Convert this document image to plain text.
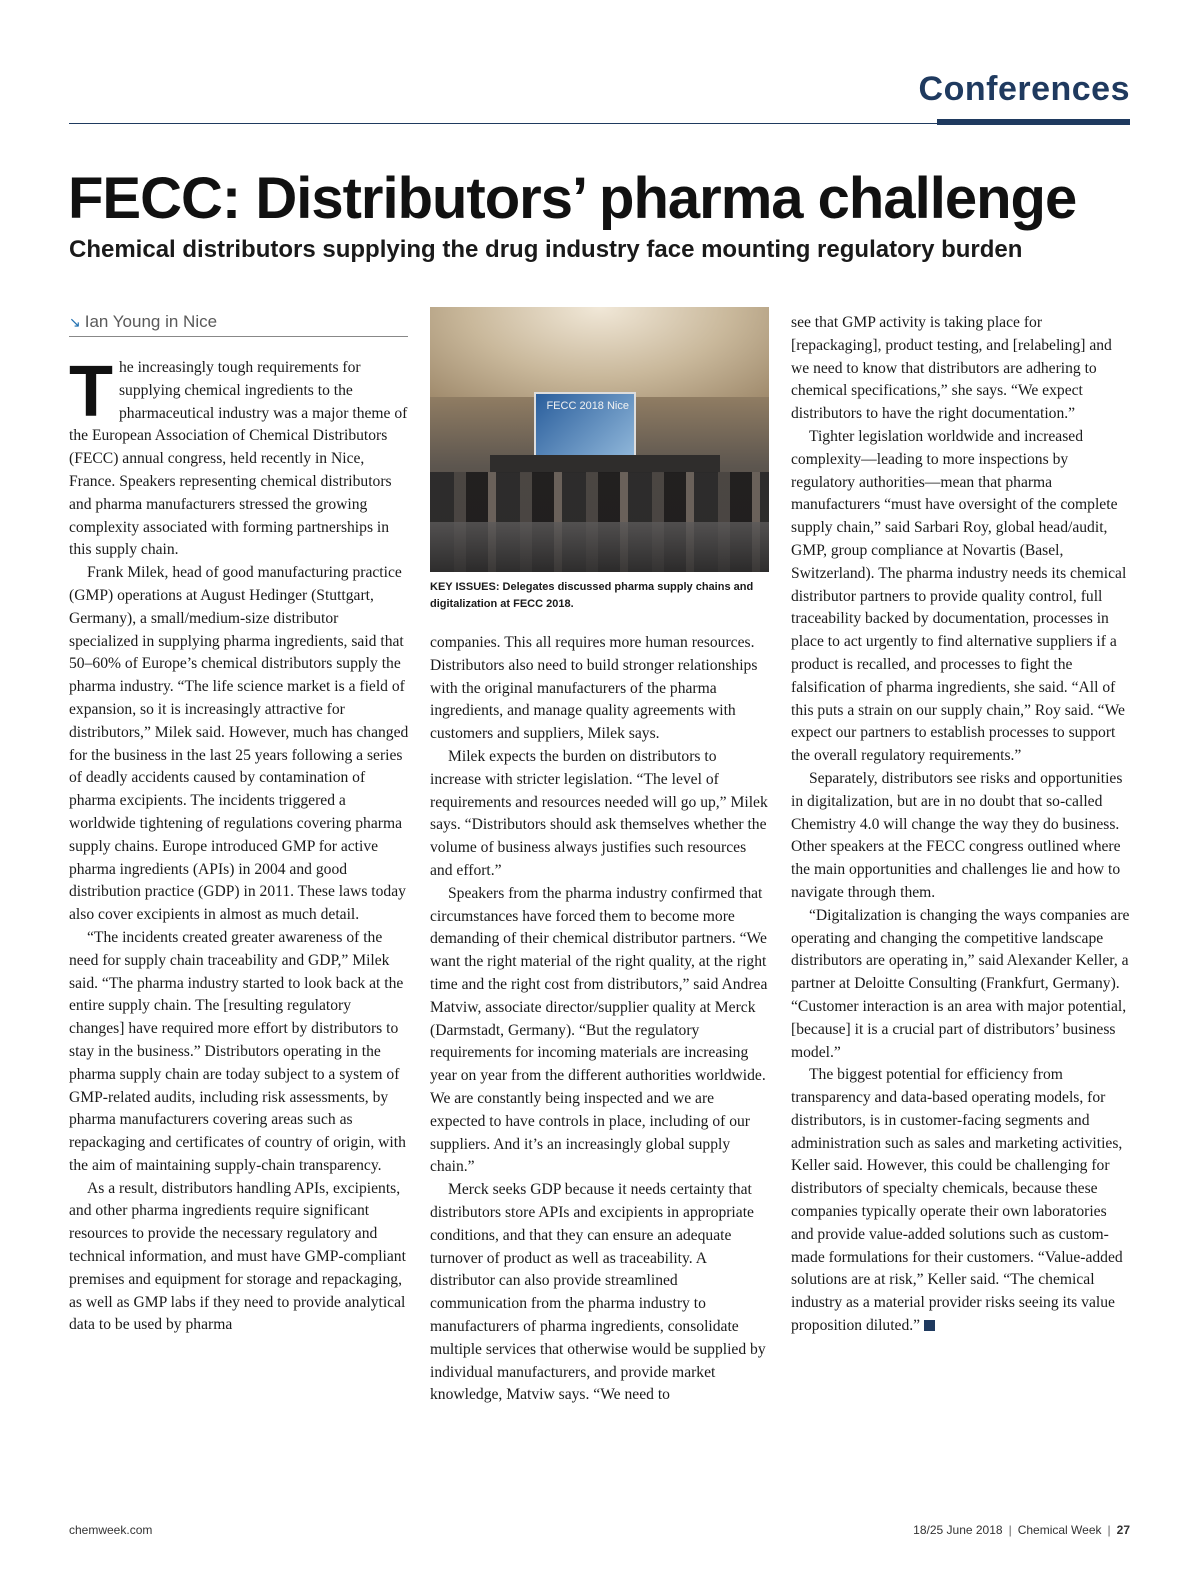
Conferences
FECC: Distributors’ pharma challenge
Chemical distributors supplying the drug industry face mounting regulatory burden
↘ Ian Young in Nice

The increasingly tough requirements for supplying chemical ingredients to the pharmaceutical industry was a major theme of the European Association of Chemical Distributors (FECC) annual congress, held recently in Nice, France. Speakers representing chemical distributors and pharma manufacturers stressed the growing complexity associated with forming partnerships in this supply chain.

Frank Milek, head of good manufacturing practice (GMP) operations at August Hedinger (Stuttgart, Germany), a small/medium-size distributor specialized in supplying pharma ingredients, said that 50–60% of Europe’s chemical distributors supply the pharma industry. “The life science market is a field of expansion, so it is increasingly attractive for distributors,” Milek said. However, much has changed for the business in the last 25 years following a series of deadly accidents caused by contamination of pharma excipients. The incidents triggered a worldwide tightening of regulations covering pharma supply chains. Europe introduced GMP for active pharma ingredients (APIs) in 2004 and good distribution practice (GDP) in 2011. These laws today also cover excipients in almost as much detail.

“The incidents created greater awareness of the need for supply chain traceability and GDP,” Milek said. “The pharma industry started to look back at the entire supply chain. The [resulting regulatory changes] have required more effort by distributors to stay in the business.” Distributors operating in the pharma supply chain are today subject to a system of GMP-related audits, including risk assessments, by pharma manufacturers covering areas such as repackaging and certificates of country of origin, with the aim of maintaining supply-chain transparency.

As a result, distributors handling APIs, excipients, and other pharma ingredients require significant resources to provide the necessary regulatory and technical information, and must have GMP-compliant premises and equipment for storage and repackaging, as well as GMP labs if they need to provide analytical data to be used by pharma

FECC 2018 Nice
KEY ISSUES: Delegates discussed pharma supply chains and digitalization at FECC 2018.

companies. This all requires more human resources. Distributors also need to build stronger relationships with the original manufacturers of the pharma ingredients, and manage quality agreements with customers and suppliers, Milek says.

Milek expects the burden on distributors to increase with stricter legislation. “The level of requirements and resources needed will go up,” Milek says. “Distributors should ask themselves whether the volume of business always justifies such resources and effort.”

Speakers from the pharma industry confirmed that circumstances have forced them to become more demanding of their chemical distributor partners. “We want the right material of the right quality, at the right time and the right cost from distributors,” said Andrea Matviw, associate director/supplier quality at Merck (Darmstadt, Germany). “But the regulatory requirements for incoming materials are increasing year on year from the different authorities worldwide. We are constantly being inspected and we are expected to have controls in place, including of our suppliers. And it’s an increasingly global supply chain.”

Merck seeks GDP because it needs certainty that distributors store APIs and excipients in appropriate conditions, and that they can ensure an adequate turnover of product as well as traceability. A distributor can also provide streamlined communication from the pharma industry to manufacturers of pharma ingredients, consolidate multiple services that otherwise would be supplied by individual manufacturers, and provide market knowledge, Matviw says. “We need to

see that GMP activity is taking place for [repackaging], product testing, and [relabeling] and we need to know that distributors are adhering to chemical specifications,” she says. “We expect distributors to have the right documentation.”

Tighter legislation worldwide and increased complexity—leading to more inspections by regulatory authorities—mean that pharma manufacturers “must have oversight of the complete supply chain,” said Sarbari Roy, global head/audit, GMP, group compliance at Novartis (Basel, Switzerland). The pharma industry needs its chemical distributor partners to provide quality control, full traceability backed by documentation, processes in place to act urgently to find alternative suppliers if a product is recalled, and processes to fight the falsification of pharma ingredients, she said. “All of this puts a strain on our supply chain,” Roy said. “We expect our partners to establish processes to support the overall regulatory requirements.”

Separately, distributors see risks and opportunities in digitalization, but are in no doubt that so-called Chemistry 4.0 will change the way they do business. Other speakers at the FECC congress outlined where the main opportunities and challenges lie and how to navigate through them.

“Digitalization is changing the ways companies are operating and changing the competitive landscape distributors are operating in,” said Alexander Keller, a partner at Deloitte Consulting (Frankfurt, Germany). “Customer interaction is an area with major potential, [because] it is a crucial part of distributors’ business model.”

The biggest potential for efficiency from transparency and data-based operating models, for distributors, is in customer-facing segments and administration such as sales and marketing activities, Keller said. However, this could be challenging for distributors of specialty chemicals, because these companies typically operate their own laboratories and provide value-added solutions such as custom-made formulations for their customers. “Value-added solutions are at risk,” Keller said. “The chemical industry as a material provider risks seeing its value proposition diluted.”

chemweek.com	18/25 June 2018 | Chemical Week | 27
